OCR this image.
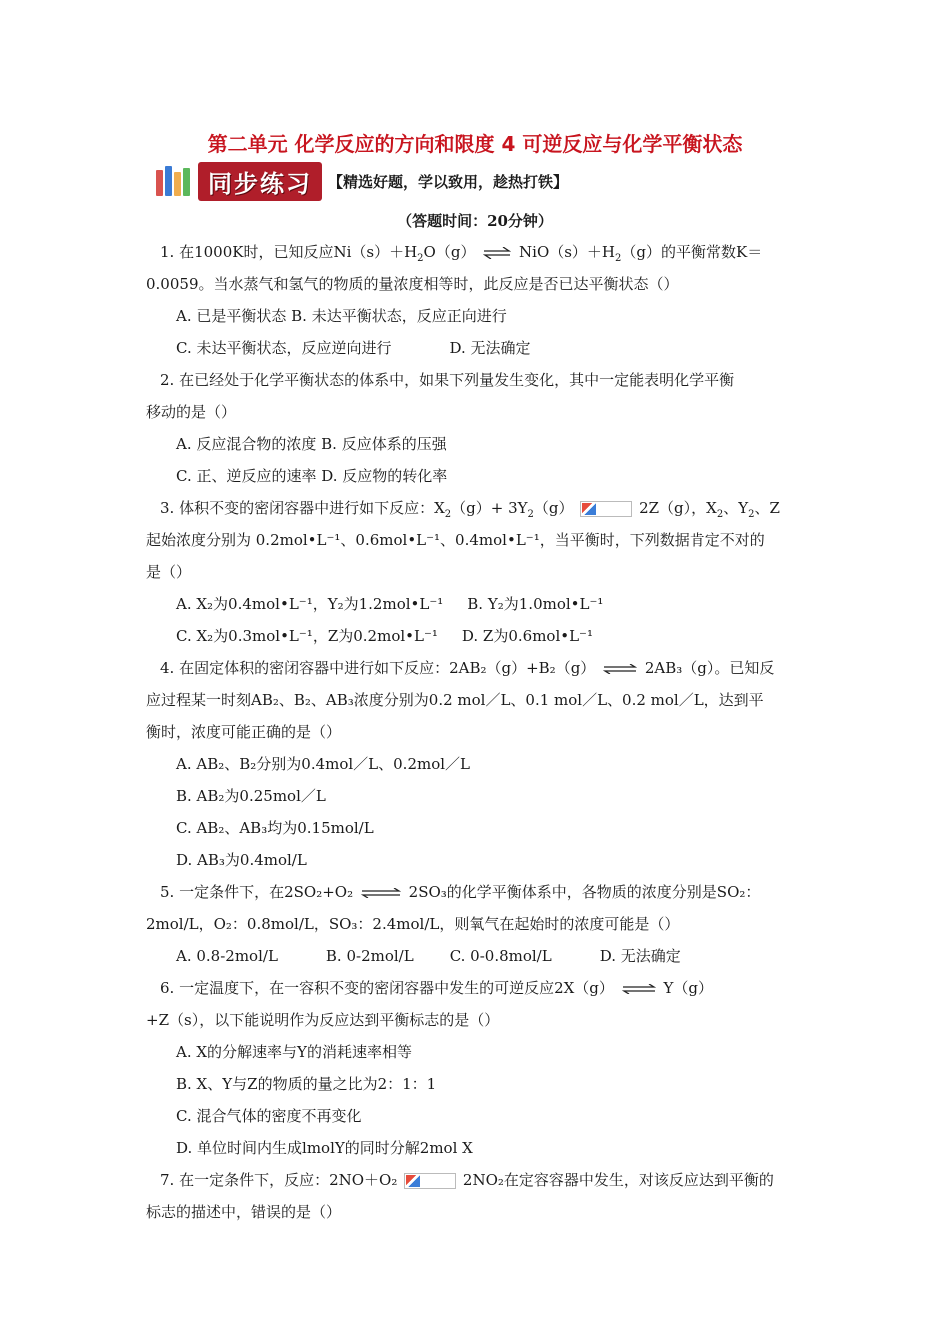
第二单元 化学反应的方向和限度 4 可逆反应与化学平衡状态
同步练习	【精选好题，学以致用，趁热打铁】
（答题时间：20分钟）
1. 在1000K时，已知反应$Ni(s)+H_2O(g)$ ⇌ $NiO(s)+H_2(g)$的平衡常数K＝
0.0059。当水蒸气和氢气的物质的量浓度相等时，此反应是否已达平衡状态（）
A. 已是平衡状态 B. 未达平衡状态，反应正向进行
C. 未达平衡状态，反应逆向进行	D. 无法确定
2. 在已经处于化学平衡状态的体系中，如果下列量发生变化，其中一定能表明化学平衡
移动的是（）
A. 反应混合物的浓度 B. 反应体系的压强
C. 正、逆反应的速率 D. 反应物的转化率
3. 体积不变的密闭容器中进行如下反应：$X_2(g)+ 3Y_2(g)$	2Z（g），$X_2$、$Y_2$、Z
起始浓度分别为 0.2mol•L⁻¹、0.6mol•L⁻¹、0.4mol•L⁻¹，当平衡时，下列数据肯定不对的
是（）
A. X₂为0.4mol•L⁻¹，Y₂为1.2mol•L⁻¹ B. Y₂为1.0mol•L⁻¹
C. X₂为0.3mol•L⁻¹，Z为0.2mol•L⁻¹ D. Z为0.6mol•L⁻¹
4. 在固定体积的密闭容器中进行如下反应：2AB₂（g）+B₂（g） ⇌ 2AB₃（g）。已知反
应过程某一时刻AB₂、B₂、AB₃浓度分别为0.2 mol／L、0.1 mol／L、0.2 mol／L，达到平
衡时，浓度可能正确的是（）
A. AB₂、B₂分别为0.4mol／L、0.2mol／L
B. AB₂为0.25mol／L
C. AB₂、AB₃均为0.15mol/L
D. AB₃为0.4mol/L
5. 一定条件下，在2SO₂+O₂ ⇌ 2SO₃的化学平衡体系中，各物质的浓度分别是SO₂：
2mol/L，O₂：0.8mol/L，SO₃：2.4mol/L，则氧气在起始时的浓度可能是（）
A. 0.8-2mol/L	B. 0-2mol/L C. 0-0.8mol/L	D. 无法确定
6. 一定温度下，在一容积不变的密闭容器中发生的可逆反应2X（g） ⇌ Y（g）
+Z（s），以下能说明作为反应达到平衡标志的是（）
A. X的分解速率与Y的消耗速率相等
B. X、Y与Z的物质的量之比为2：1：1
C. 混合气体的密度不再变化
D. 单位时间内生成lmolY的同时分解2mol X
7. 在一定条件下，反应：2NO＋O₂	2NO₂在定容容器中发生，对该反应达到平衡的
标志的描述中，错误的是（）
